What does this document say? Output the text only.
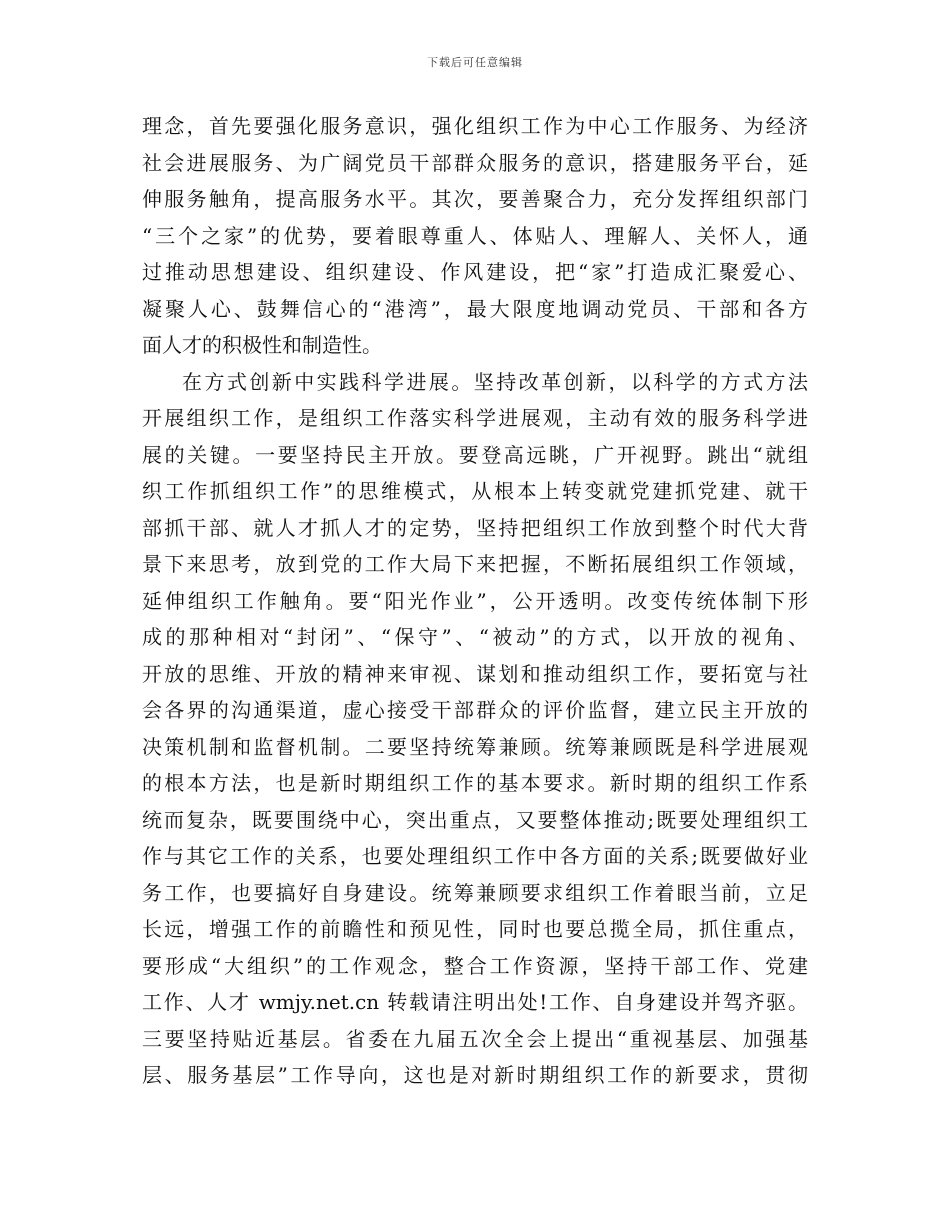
下载后可任意编辑
理念，首先要强化服务意识，强化组织工作为中心工作服务、为经济
社会进展服务、为广阔党员干部群众服务的意识，搭建服务平台，延
伸服务触角，提高服务水平。其次，要善聚合力，充分发挥组织部门
“三个之家”的优势，要着眼尊重人、体贴人、理解人、关怀人，通
过推动思想建设、组织建设、作风建设，把“家”打造成汇聚爱心、
凝聚人心、鼓舞信心的“港湾”，最大限度地调动党员、干部和各方
面人才的积极性和制造性。
在方式创新中实践科学进展。坚持改革创新，以科学的方式方法
开展组织工作，是组织工作落实科学进展观，主动有效的服务科学进
展的关键。一要坚持民主开放。要登高远眺，广开视野。跳出“就组
织工作抓组织工作”的思维模式，从根本上转变就党建抓党建、就干
部抓干部、就人才抓人才的定势，坚持把组织工作放到整个时代大背
景下来思考，放到党的工作大局下来把握，不断拓展组织工作领域，
延伸组织工作触角。要“阳光作业”，公开透明。改变传统体制下形
成的那种相对“封闭”、“保守”、“被动”的方式，以开放的视角、
开放的思维、开放的精神来审视、谋划和推动组织工作，要拓宽与社
会各界的沟通渠道，虚心接受干部群众的评价监督，建立民主开放的
决策机制和监督机制。二要坚持统筹兼顾。统筹兼顾既是科学进展观
的根本方法，也是新时期组织工作的基本要求。新时期的组织工作系
统而复杂，既要围绕中心，突出重点，又要整体推动;既要处理组织工
作与其它工作的关系，也要处理组织工作中各方面的关系;既要做好业
务工作，也要搞好自身建设。统筹兼顾要求组织工作着眼当前，立足
长远，增强工作的前瞻性和预见性，同时也要总揽全局，抓住重点，
要形成“大组织”的工作观念，整合工作资源，坚持干部工作、党建
工作、人才 wmjy.net.cn 转载请注明出处!工作、自身建设并驾齐驱。
三要坚持贴近基层。省委在九届五次全会上提出“重视基层、加强基
层、服务基层”工作导向，这也是对新时期组织工作的新要求，贯彻
